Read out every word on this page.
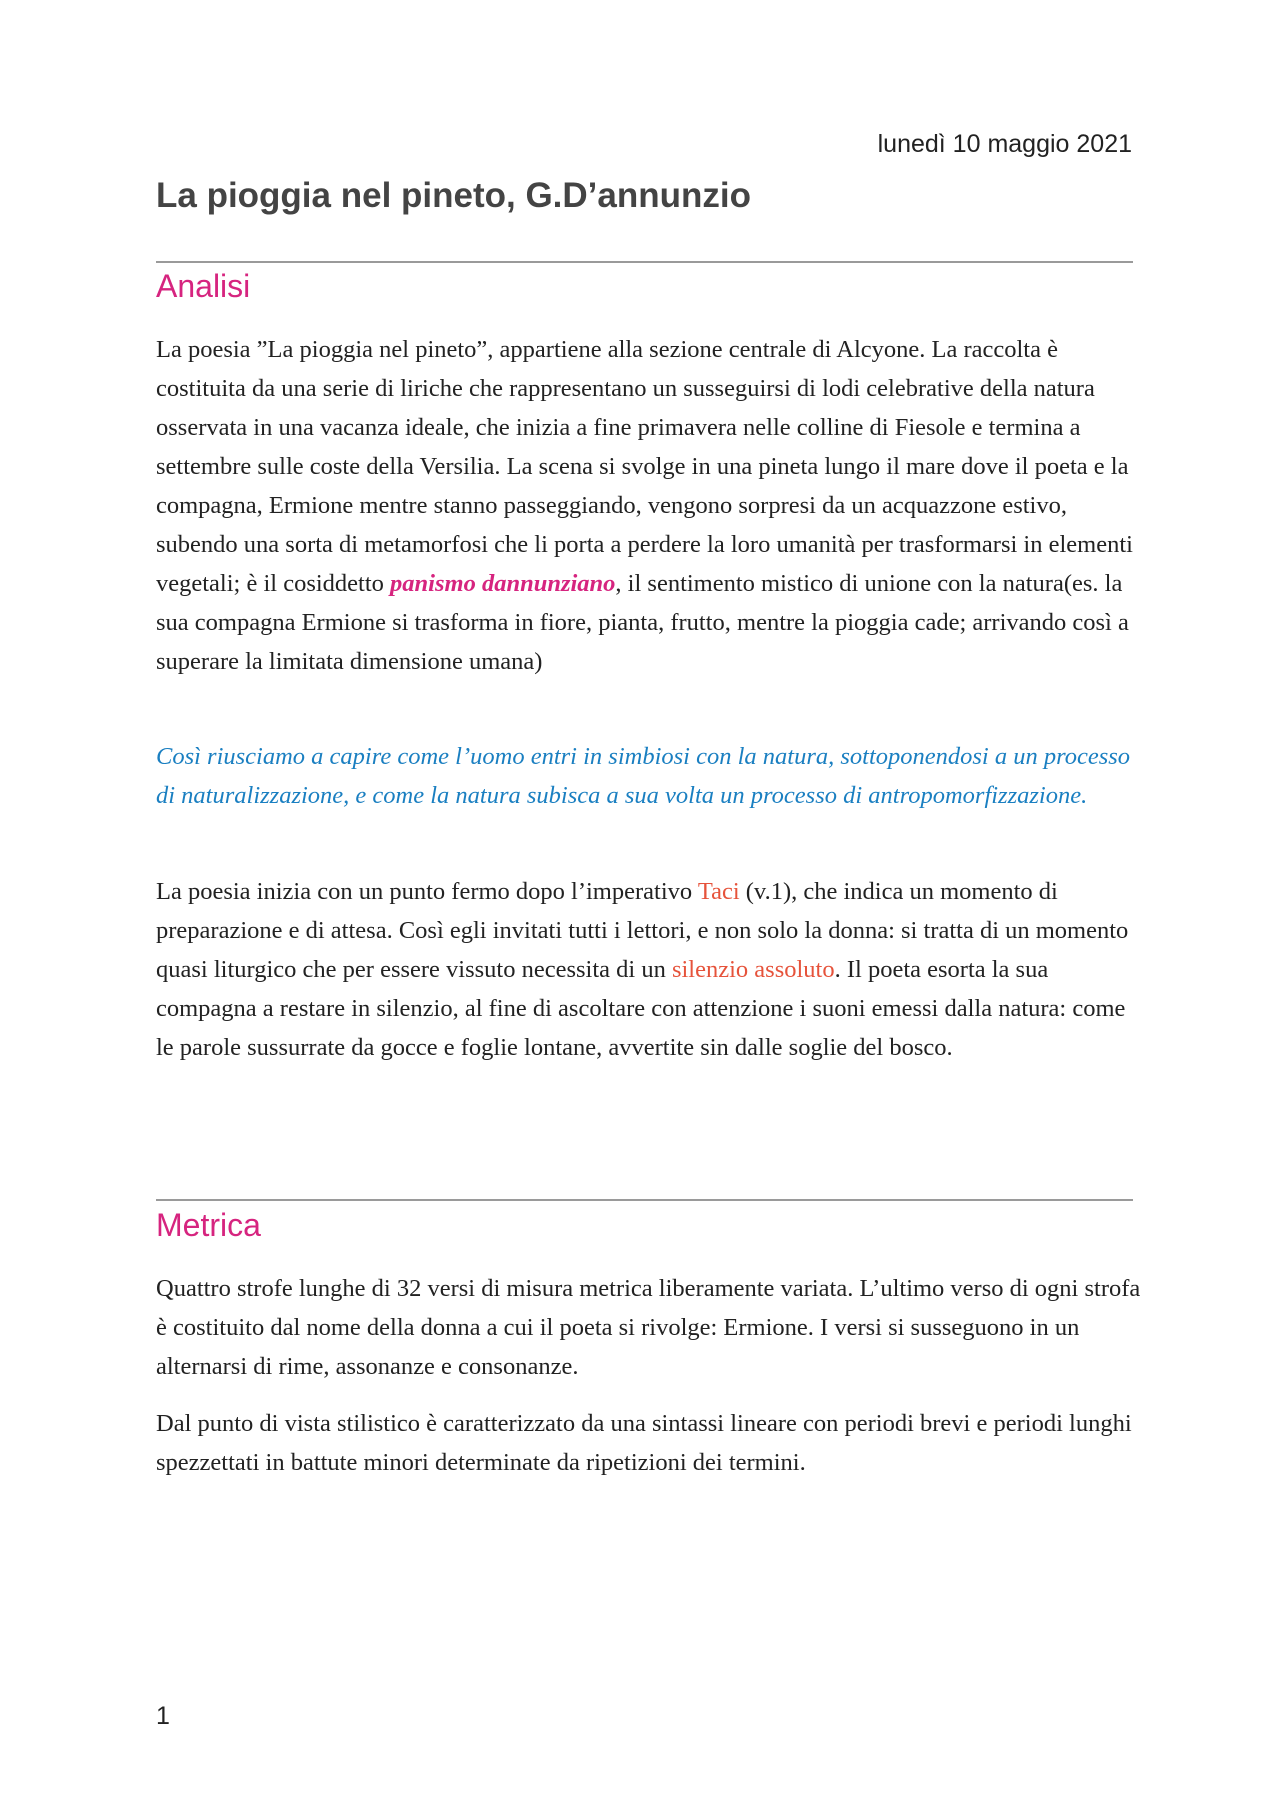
lunedì 10 maggio 2021
La pioggia nel pineto, G.D’annunzio
Analisi

La poesia ”La pioggia nel pineto”, appartiene alla sezione centrale di Alcyone. La raccolta è costituita da una serie di liriche che rappresentano un susseguirsi di lodi celebrative della natura osservata in una vacanza ideale, che inizia a fine primavera nelle colline di Fiesole e termina a settembre sulle coste della Versilia. La scena si svolge in una pineta lungo il mare dove il poeta e la compagna, Ermione mentre stanno passeggiando, vengono sorpresi da un acquazzone estivo, subendo una sorta di metamorfosi che li porta a perdere la loro umanità per trasformarsi in elementi vegetali; è il cosiddetto panismo dannunziano, il sentimento mistico di unione con la natura(es. la sua compagna Ermione si trasforma in fiore, pianta, frutto, mentre la pioggia cade; arrivando così a superare la limitata dimensione umana)

Così riusciamo a capire come l’uomo entri in simbiosi con la natura, sottoponendosi a un processo di naturalizzazione, e come la natura subisca a sua volta un processo di antropomorfizzazione.

La poesia inizia con un punto fermo dopo l’imperativo Taci (v.1), che indica un momento di preparazione e di attesa. Così egli invitati tutti i lettori, e non solo la donna: si tratta di un momento quasi liturgico che per essere vissuto necessita di un silenzio assoluto. Il poeta esorta la sua compagna a restare in silenzio, al fine di ascoltare con attenzione i suoni emessi dalla natura: come le parole sussurrate da gocce e foglie lontane, avvertite sin dalle soglie del bosco.

Metrica

Quattro strofe lunghe di 32 versi di misura metrica liberamente variata. L’ultimo verso di ogni strofa è costituito dal nome della donna a cui il poeta si rivolge: Ermione. I versi si susseguono in un alternarsi di rime, assonanze e consonanze.

Dal punto di vista stilistico è caratterizzato da una sintassi lineare con periodi brevi e periodi lunghi spezzettati in battute minori determinate da ripetizioni dei termini.

1
